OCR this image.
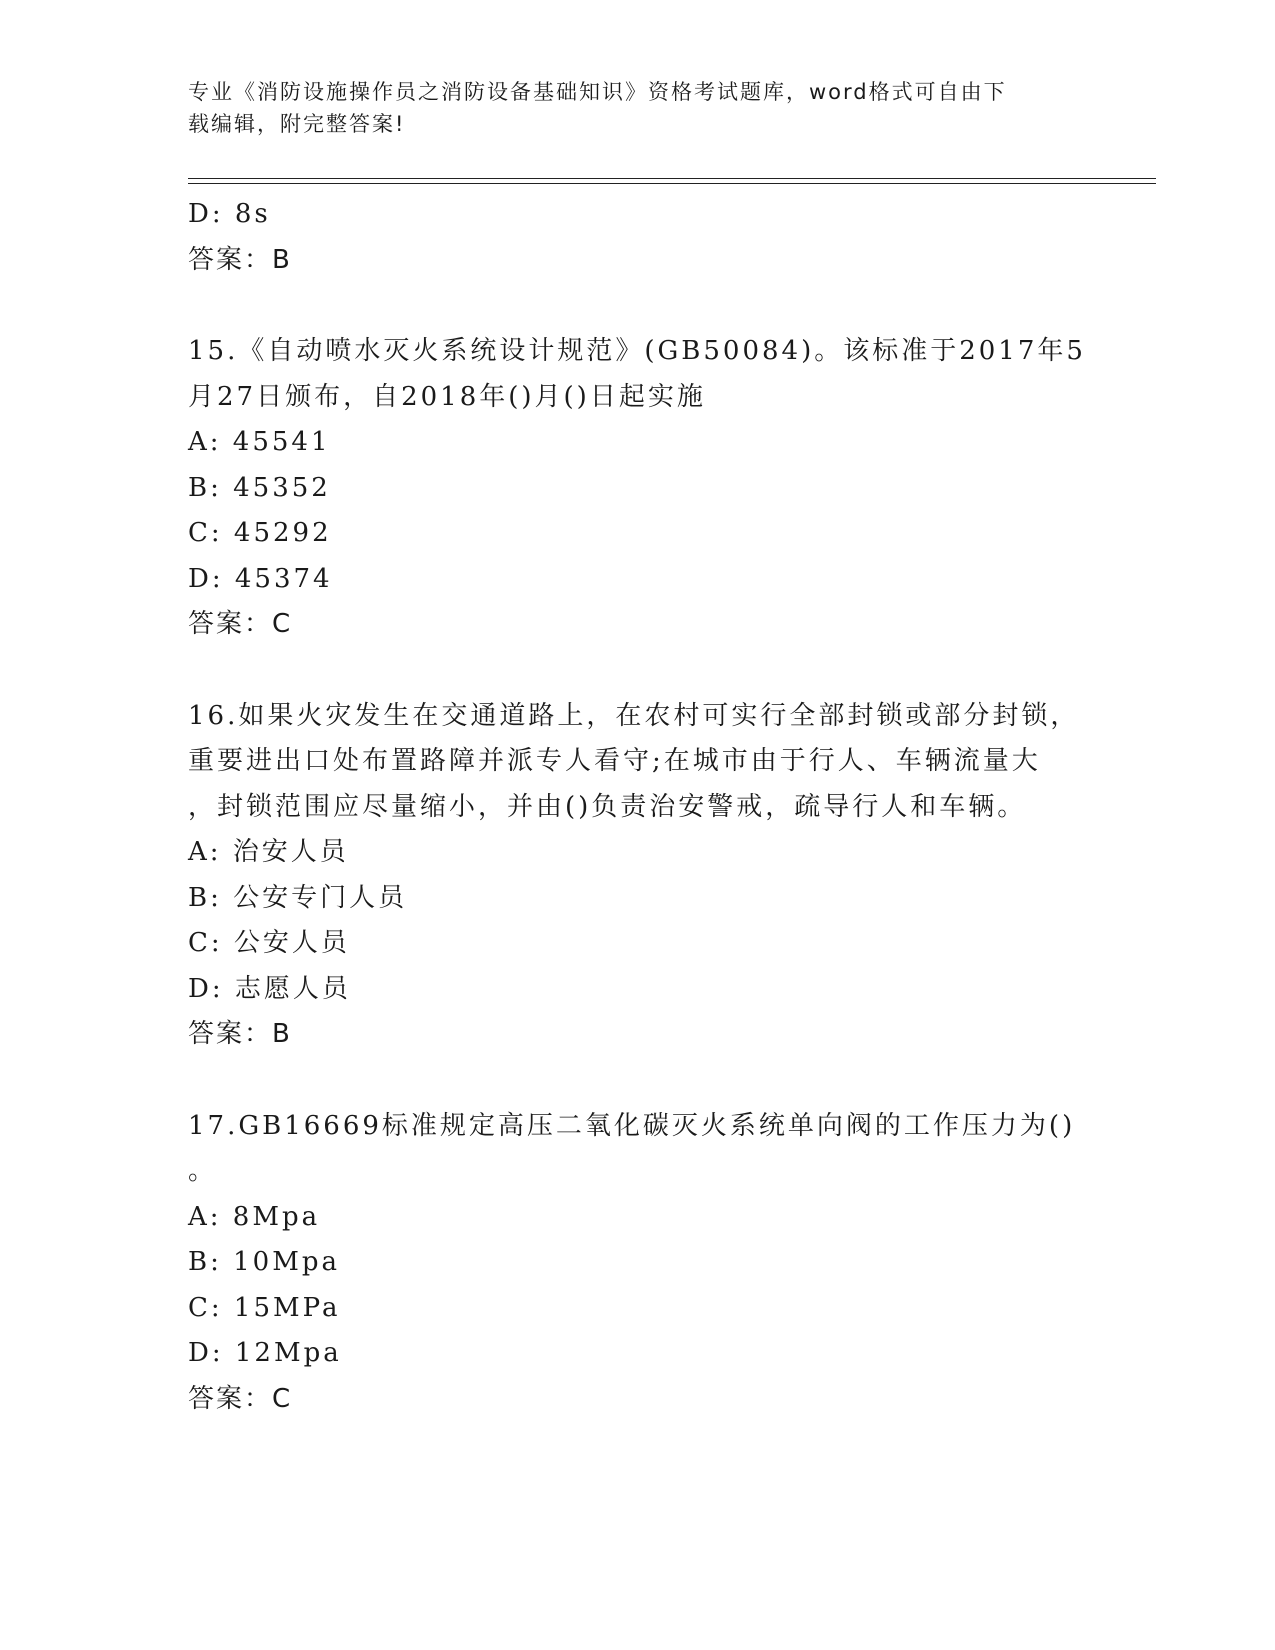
专业《消防设施操作员之消防设备基础知识》资格考试题库，word格式可自由下
载编辑，附完整答案!
D: 8s
答案：B
15.《自动喷水灭火系统设计规范》(GB50084)。该标准于2017年5
月27日颁布，自2018年()月()日起实施
A: 45541
B: 45352
C: 45292
D: 45374
答案：C
16.如果火灾发生在交通道路上，在农村可实行全部封锁或部分封锁，
重要进出口处布置路障并派专人看守;在城市由于行人、车辆流量大
，封锁范围应尽量缩小，并由()负责治安警戒，疏导行人和车辆。
A: 治安人员
B: 公安专门人员
C: 公安人员
D: 志愿人员
答案：B
17.GB16669标准规定高压二氧化碳灭火系统单向阀的工作压力为()
。
A: 8Mpa
B: 10Mpa
C: 15MPa
D: 12Mpa
答案：C
